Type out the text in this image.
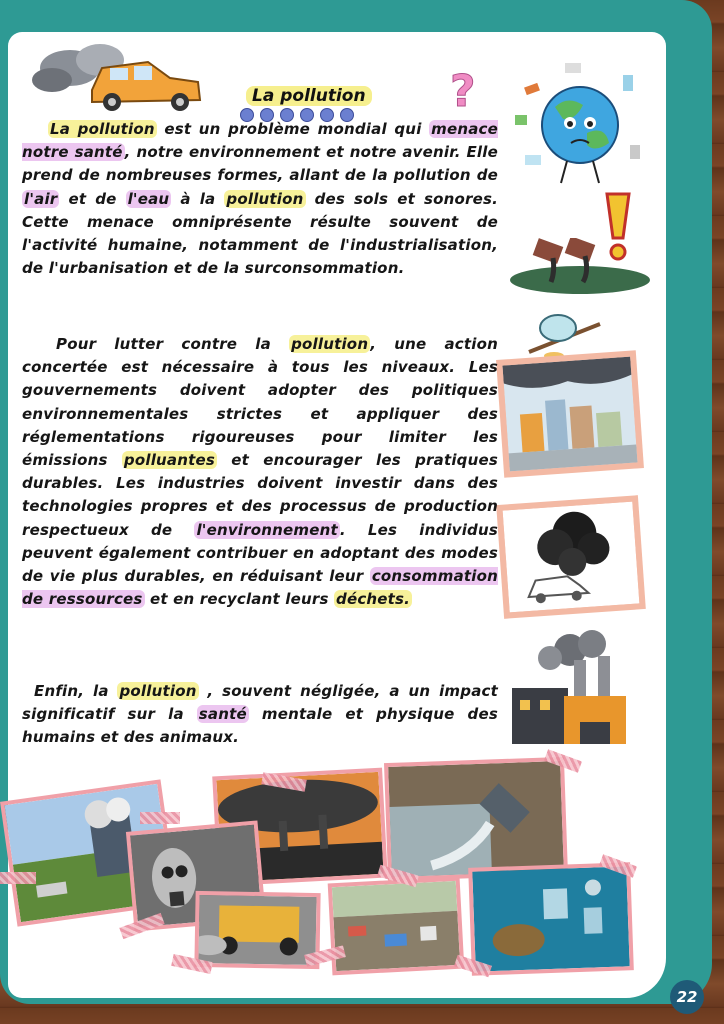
La pollution ?
La pollution est un problème mondial qui menace notre santé , notre environnement et notre avenir. Elle prend de nombreuses formes, allant de la pollution de l'air et de l'eau à la pollution des sols et sonores. Cette menace omniprésente résulte souvent de l'activité humaine, notamment de l'industrialisation, de l'urbanisation et de la surconsommation.
Pour lutter contre la pollution , une action concertée est nécessaire à tous les niveaux. Les gouvernements doivent adopter des politiques environnementales strictes et appliquer des réglementations rigoureuses pour limiter les émissions polluantes et encourager les pratiques durables. Les industries doivent investir dans des technologies propres et des processus de production respectueux de l'environnement . Les individus peuvent également contribuer en adoptant des modes de vie plus durables, en réduisant leur consommation de ressources et en recyclant leurs déchets.
Enfin, la pollution , souvent négligée, a un impact significatif sur la santé mentale et physique des humains et des animaux.
22
